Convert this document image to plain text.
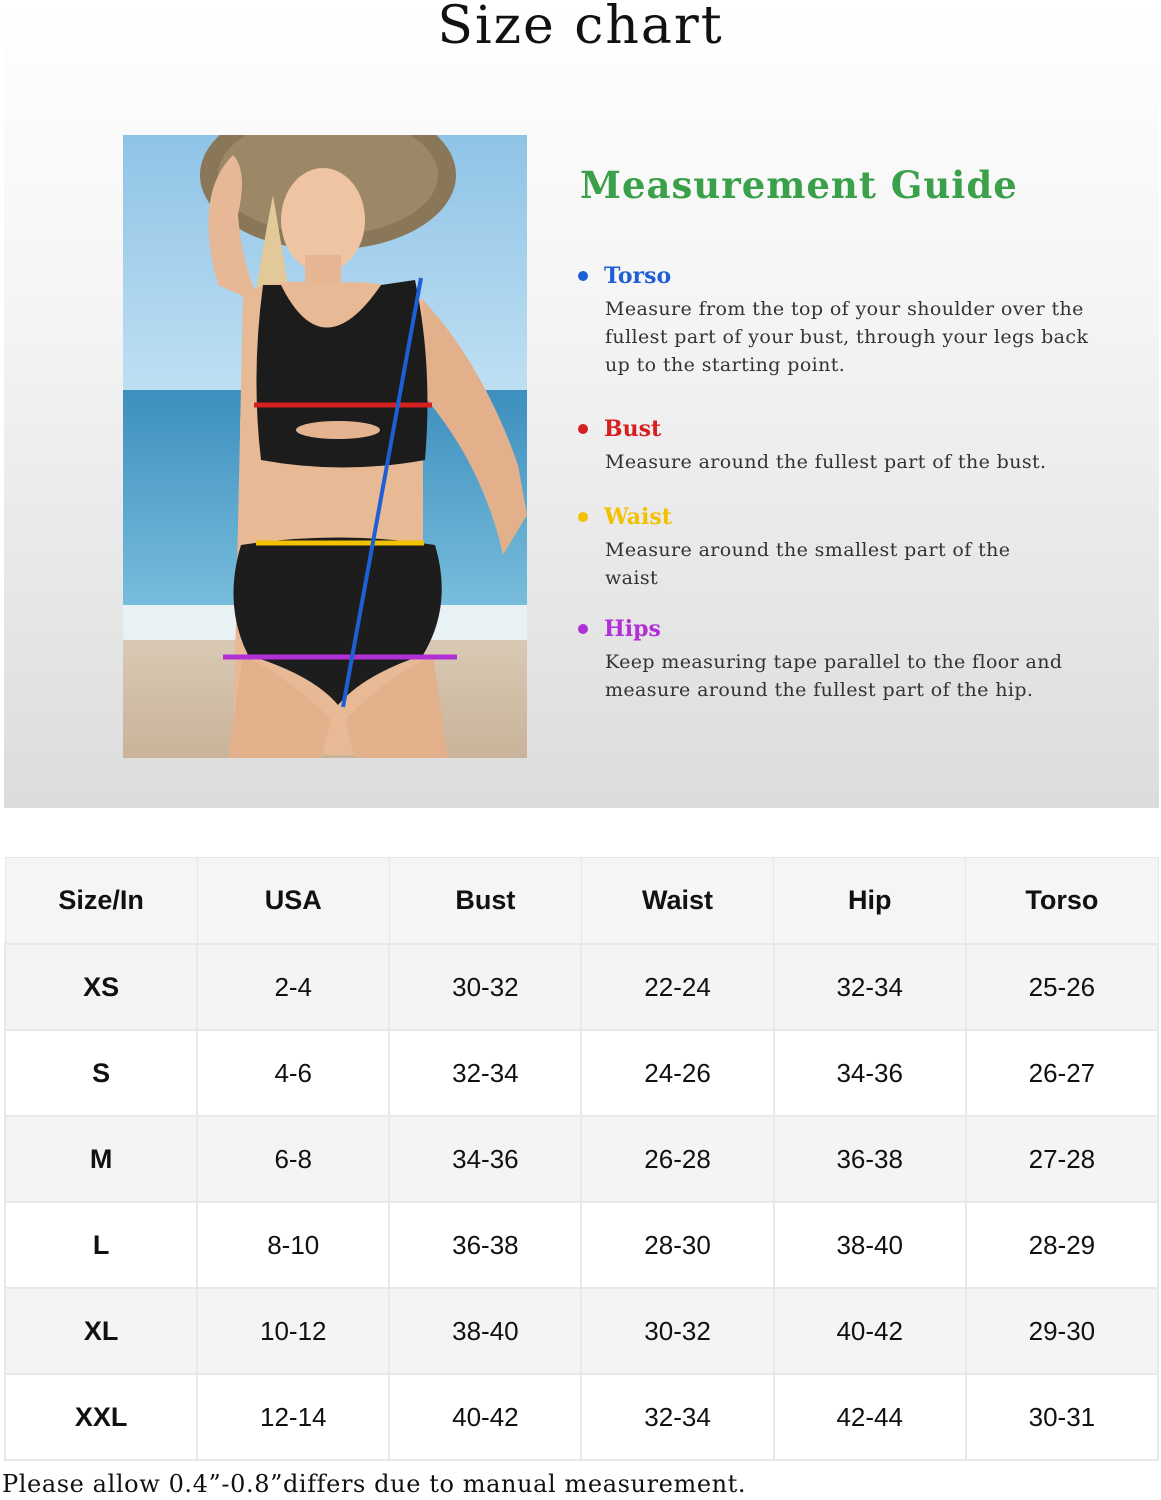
Size chart
Measurement Guide
Torso
Measure from the top of your shoulder over the
fullest part of your bust, through your legs back
up to the starting point.
Bust
Measure around the fullest part of the bust.
Waist
Measure around the smallest part of the
waist
Hips
Keep measuring tape parallel to the floor and
measure around the fullest part of the hip.
Size/In	USA	Bust	Waist	Hip	Torso
XS	2-4	30-32	22-24	32-34	25-26
S	4-6	32-34	24-26	34-36	26-27
M	6-8	34-36	26-28	36-38	27-28
L	8-10	36-38	28-30	38-40	28-29
XL	10-12	38-40	30-32	40-42	29-30
XXL	12-14	40-42	32-34	42-44	30-31
Please allow 0.4”-0.8”differs due to manual measurement.
